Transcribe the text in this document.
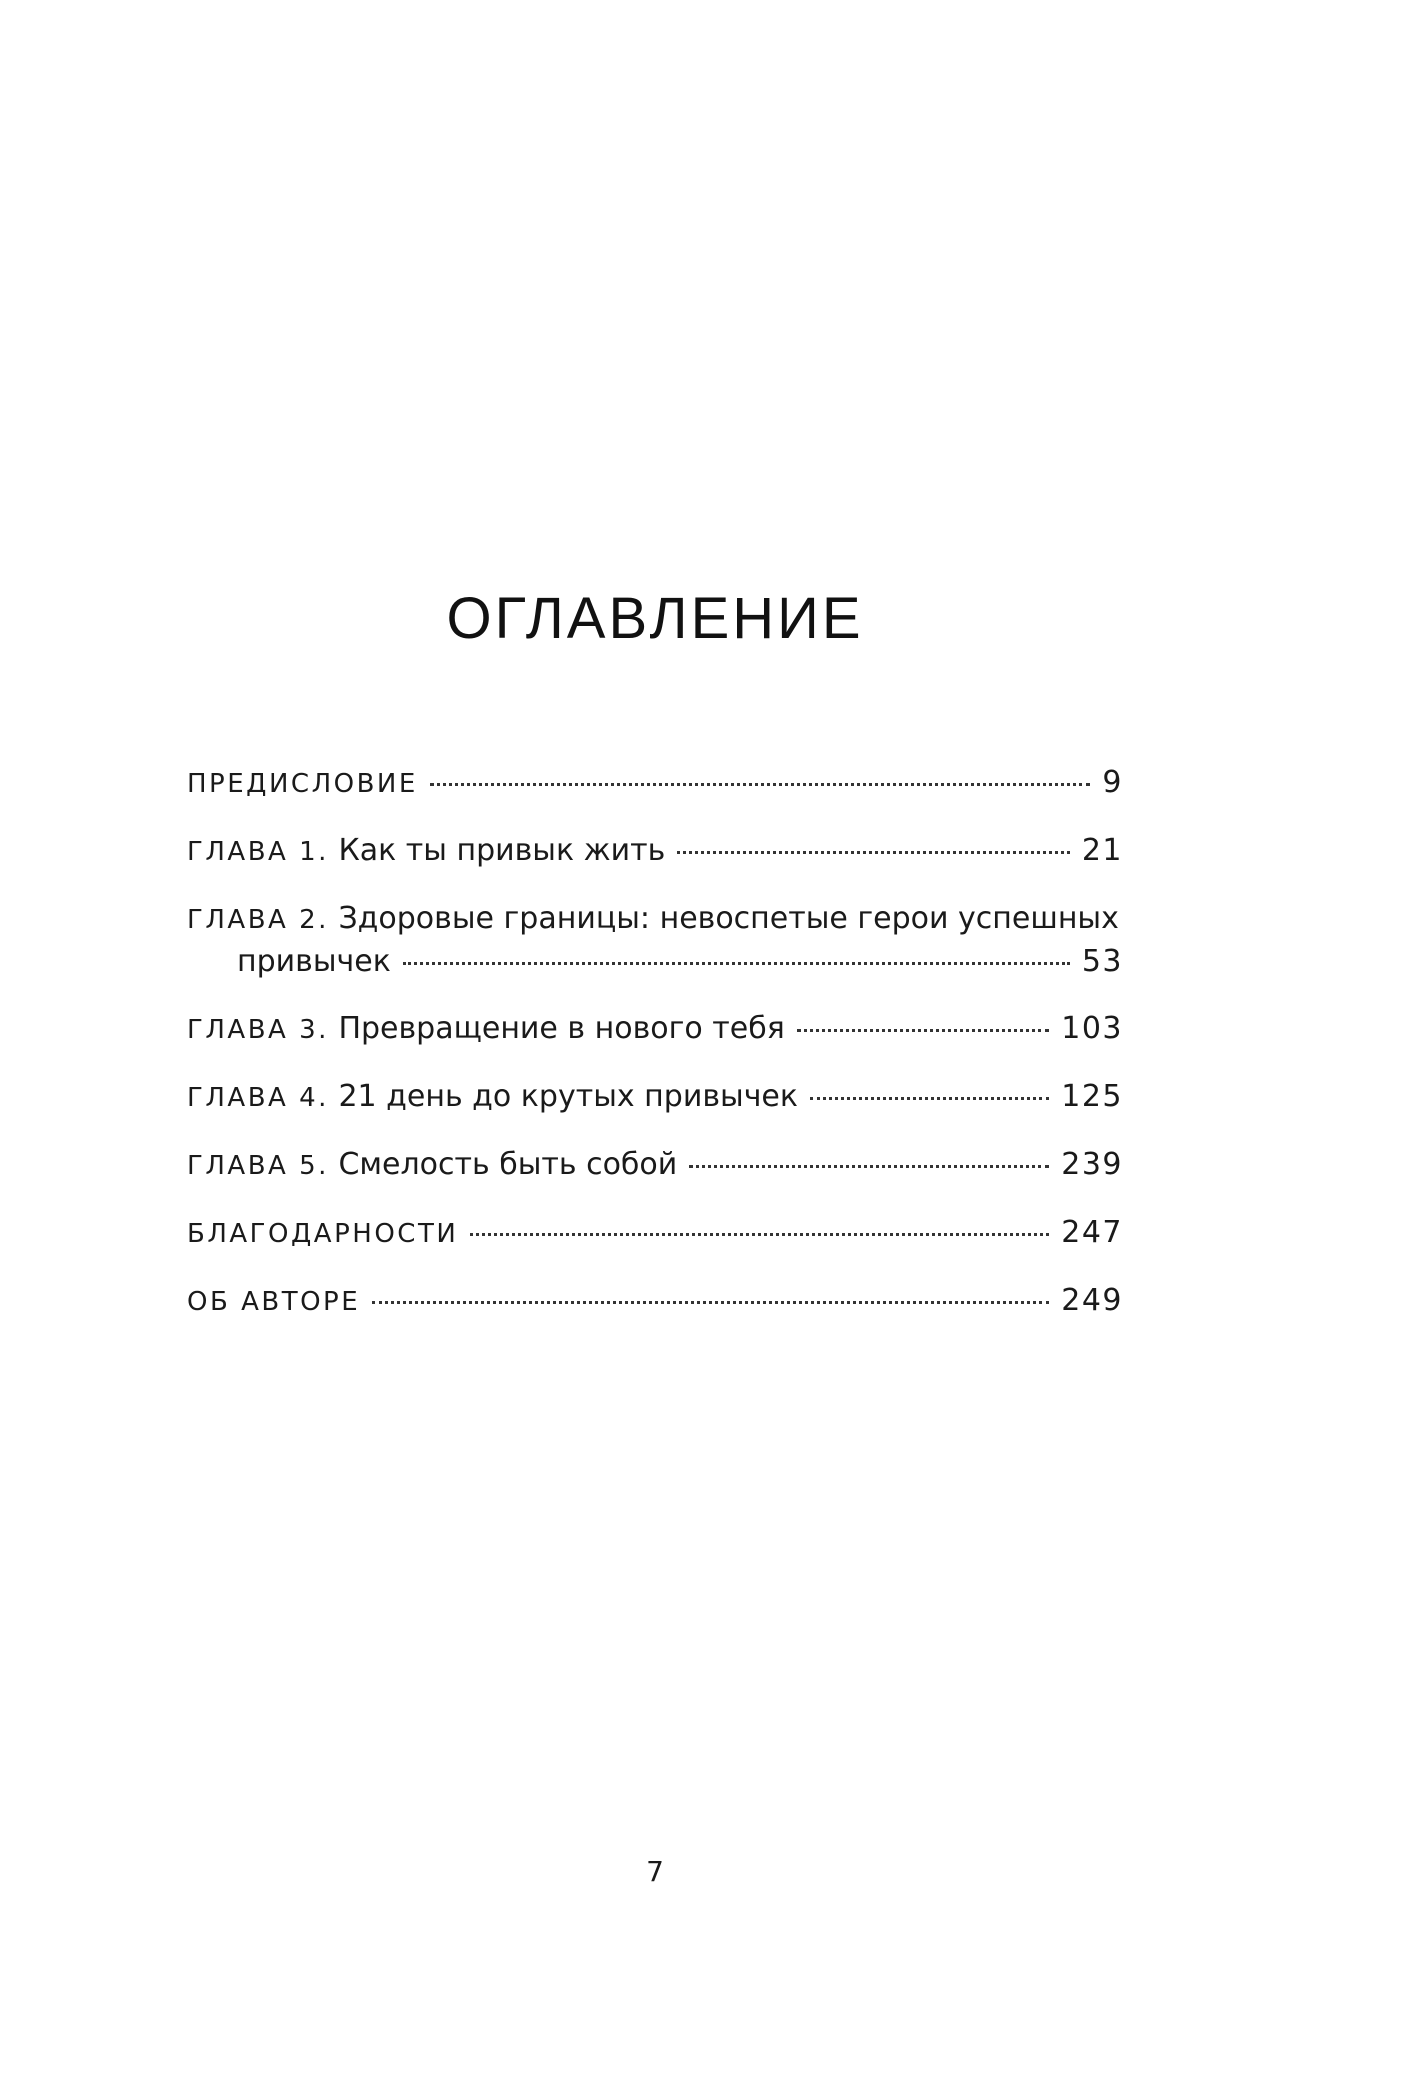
ОГЛАВЛЕНИЕ
ПРЕДИСЛОВИЕ	9
ГЛАВА 1. Как ты привык жить	21
ГЛАВА 2. Здоровые границы: невоспетые герои успешных
привычек	53
ГЛАВА 3. Превращение в нового тебя	103
ГЛАВА 4. 21 день до крутых привычек	125
ГЛАВА 5. Смелость быть собой	239
БЛАГОДАРНОСТИ	247
ОБ АВТОРЕ	249
7
